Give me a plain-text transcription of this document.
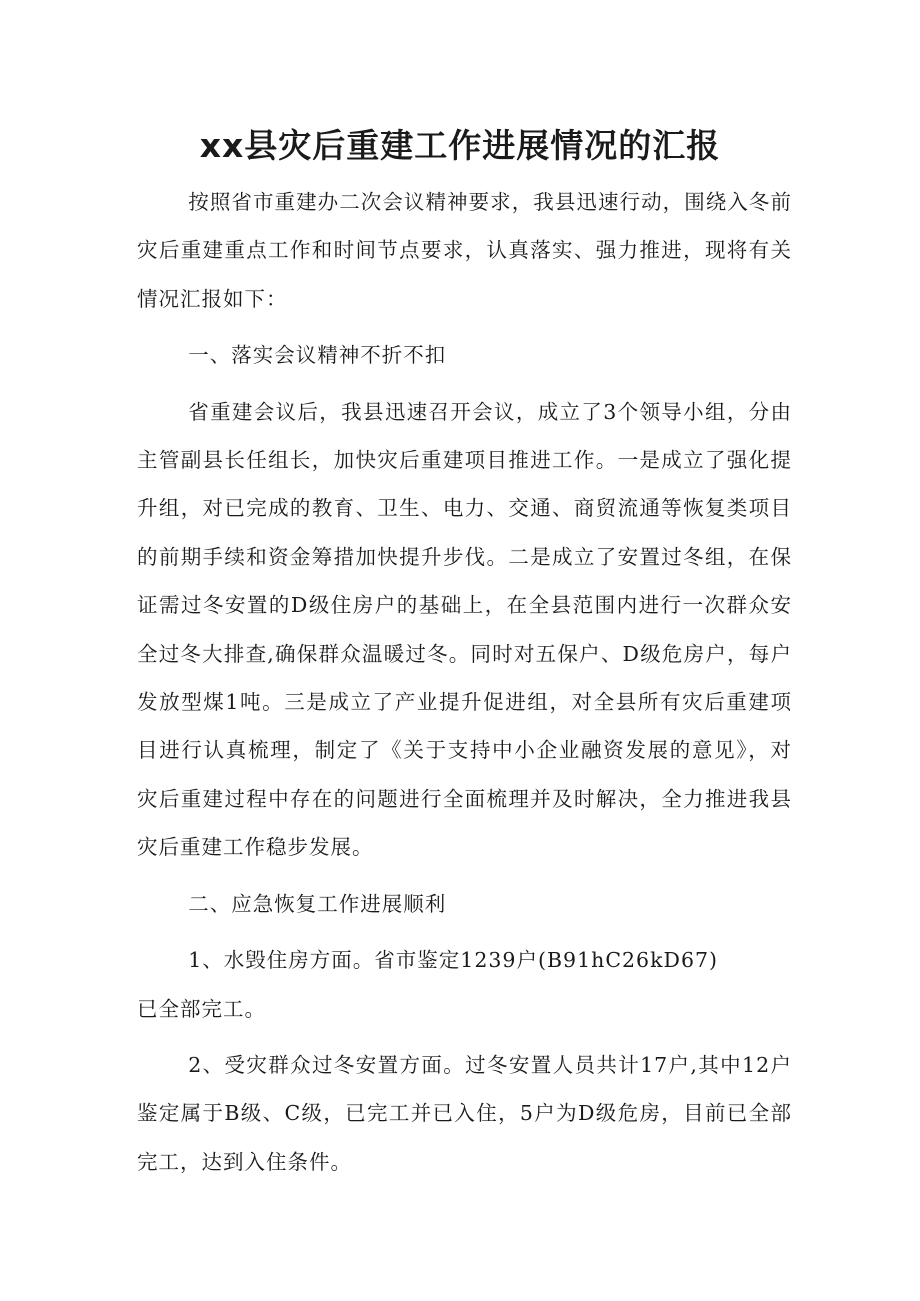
xx县灾后重建工作进展情况的汇报

按照省市重建办二次会议精神要求，我县迅速行动，围绕入冬前灾后重建重点工作和时间节点要求，认真落实、强力推进，现将有关情况汇报如下：

一、落实会议精神不折不扣

省重建会议后，我县迅速召开会议，成立了3个领导小组，分由主管副县长任组长，加快灾后重建项目推进工作。一是成立了强化提升组，对已完成的教育、卫生、电力、交通、商贸流通等恢复类项目的前期手续和资金筹措加快提升步伐。二是成立了安置过冬组，在保证需过冬安置的D级住房户的基础上，在全县范围内进行一次群众安全过冬大排查,确保群众温暖过冬。同时对五保户、D级危房户，每户发放型煤1吨。三是成立了产业提升促进组，对全县所有灾后重建项目进行认真梳理，制定了《关于支持中小企业融资发展的意见》，对灾后重建过程中存在的问题进行全面梳理并及时解决，全力推进我县灾后重建工作稳步发展。

二、应急恢复工作进展顺利

1、水毁住房方面。省市鉴定1239户(B91hC26kD67)

已全部完工。

2、受灾群众过冬安置方面。过冬安置人员共计17户,其中12户鉴定属于B级、C级，已完工并已入住，5户为D级危房，目前已全部完工，达到入住条件。
